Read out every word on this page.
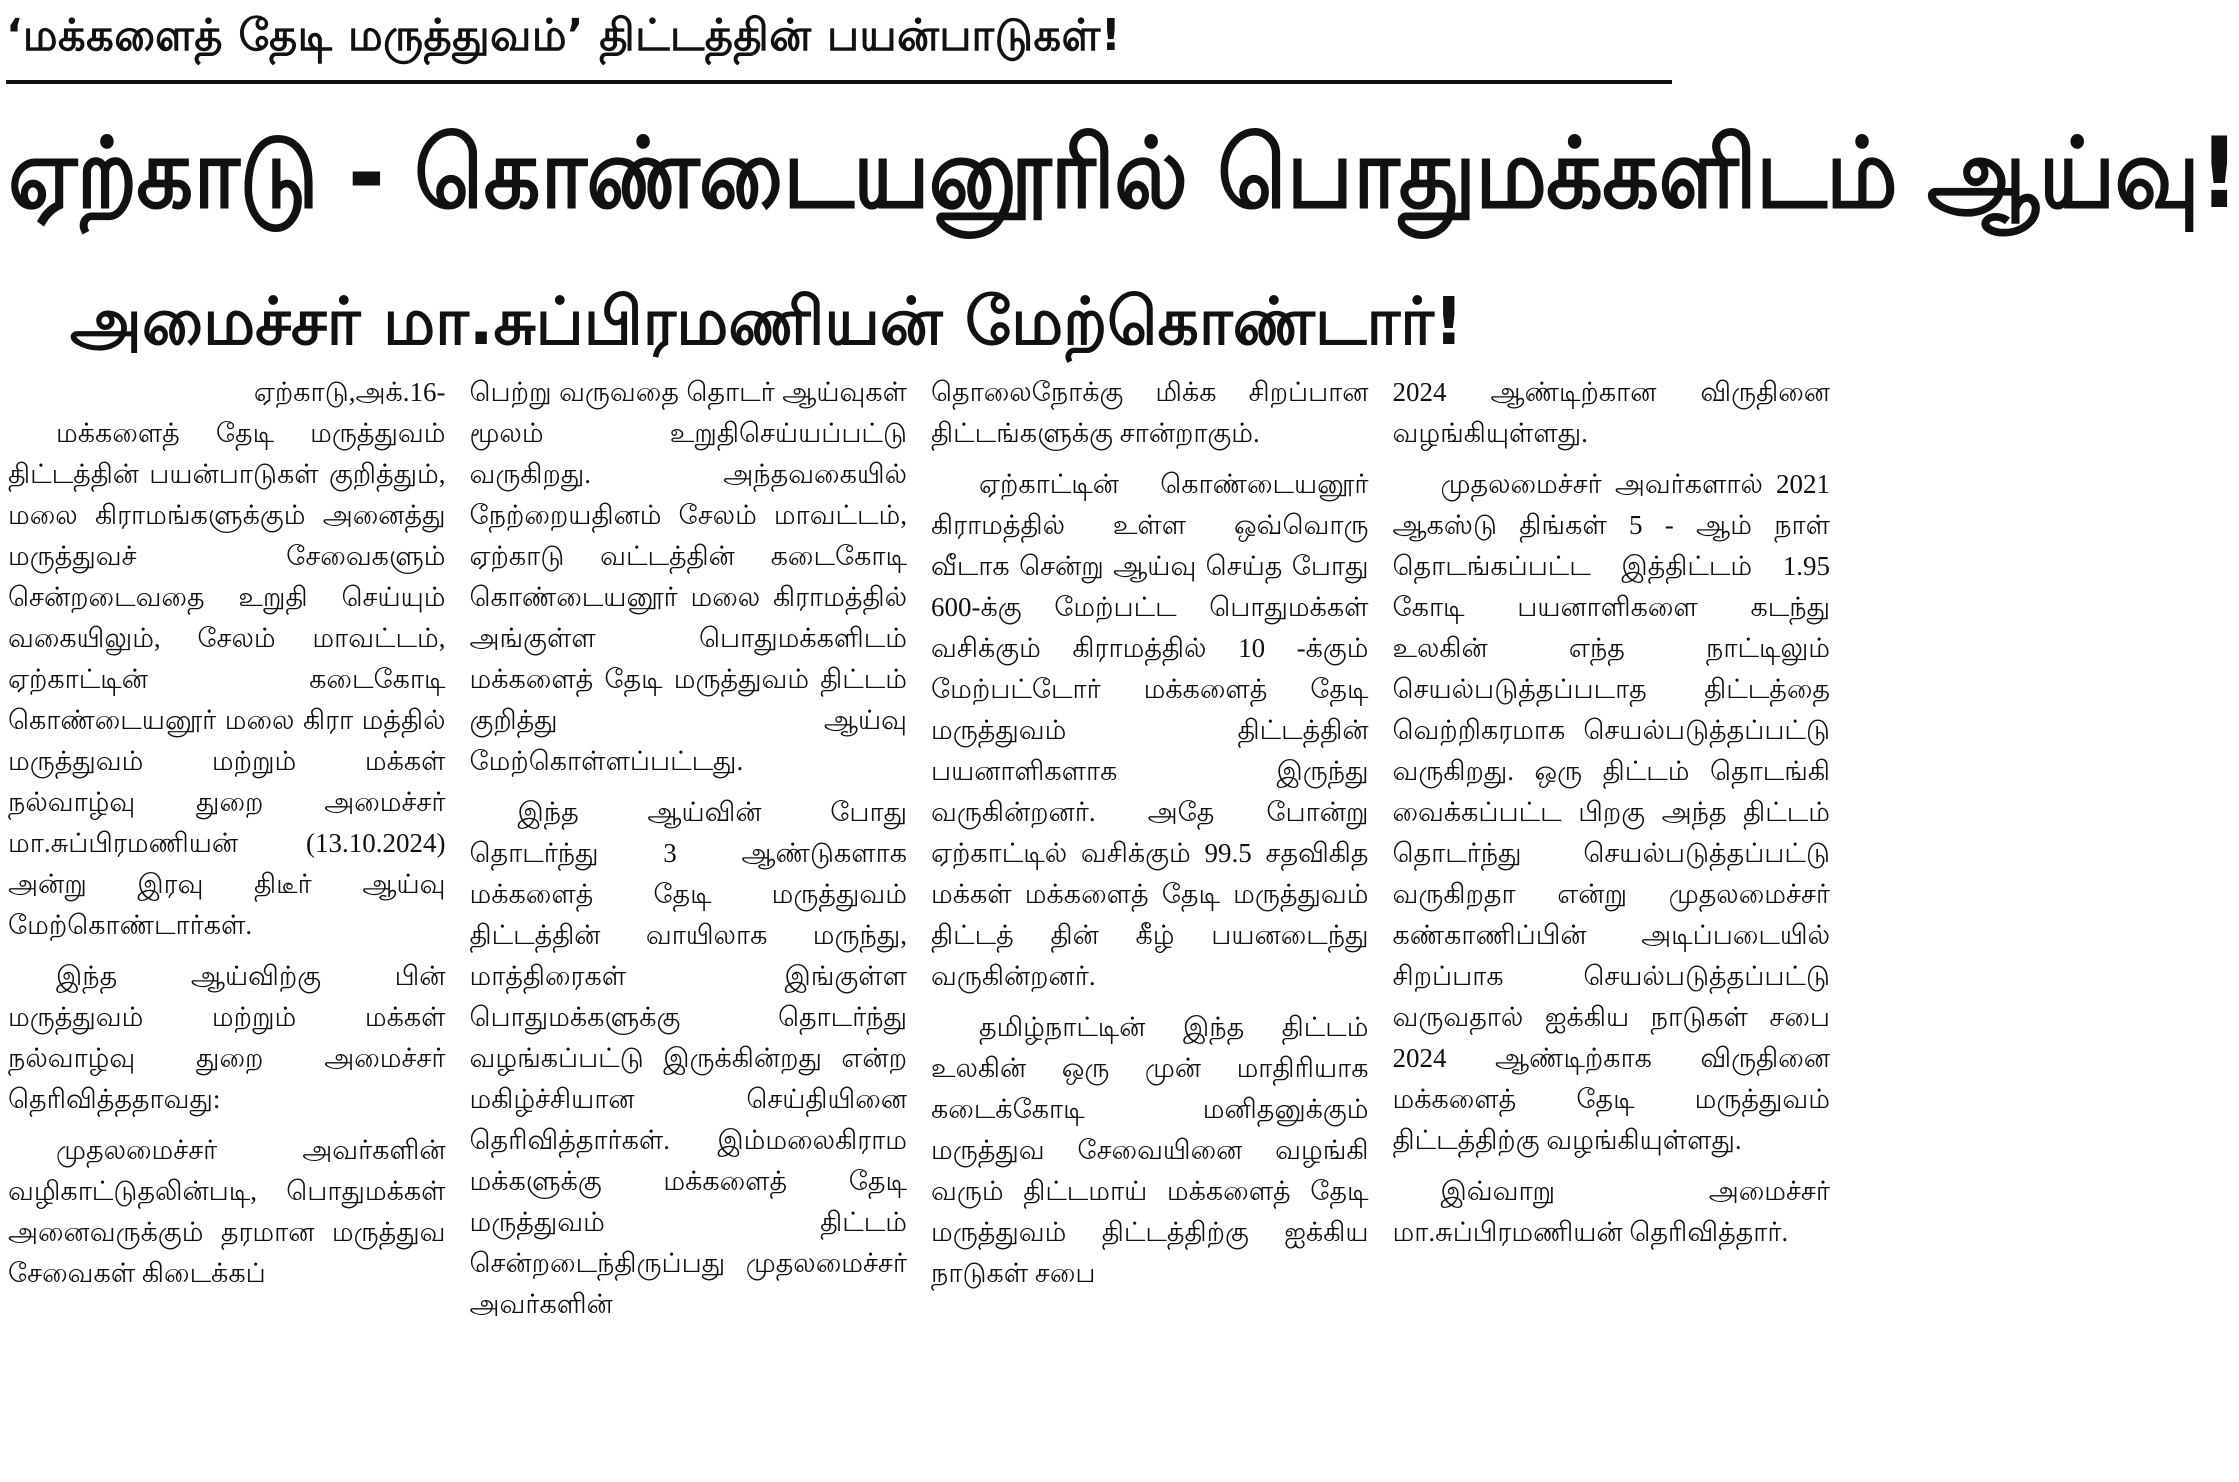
‘மக்களைத் தேடி மருத்துவம்’ திட்டத்தின் பயன்பாடுகள்!
ஏற்காடு - கொண்டையனூரில் பொதுமக்களிடம் ஆய்வு!
அமைச்சர் மா.சுப்பிரமணியன் மேற்கொண்டார்!

ஏற்காடு,அக்.16-

மக்களைத் தேடி மருத்துவம் திட்டத்தின் பயன்பாடுகள் குறித்தும், மலை கிராமங்களுக்கும் அனைத்து மருத்துவச் சேவைகளும் சென்றடைவதை உறுதி செய்யும் வகையிலும், சேலம் மாவட்டம், ஏற்காட்டின் கடைகோடி கொண்டையனூர் மலை கிரா மத்தில் மருத்துவம் மற்றும் மக்கள் நல்வாழ்வு துறை அமைச்சர் மா.சுப்பிரமணியன் (13.10.2024) அன்று இரவு திடீர் ஆய்வு மேற்கொண்டார்கள்.

இந்த ஆய்விற்கு பின் மருத்துவம் மற்றும் மக்கள் நல்வாழ்வு துறை அமைச்சர் தெரிவித்ததாவது:

முதலமைச்சர் அவர்களின் வழிகாட்டுதலின்படி, பொதுமக்கள் அனைவருக்கும் தரமான மருத்துவ சேவைகள் கிடைக்கப்

பெற்று வருவதை தொடர் ஆய்வுகள் மூலம் உறுதிசெய்யப்பட்டு வருகிறது. அந்தவகையில் நேற்றையதினம் சேலம் மாவட்டம், ஏற்காடு வட்டத்தின் கடைகோடி கொண்டையனூர் மலை கிராமத்தில் அங்குள்ள பொதுமக்களிடம் மக்களைத் தேடி மருத்துவம் திட்டம் குறித்து ஆய்வு மேற்கொள்ளப்பட்டது.

இந்த ஆய்வின் போது தொடர்ந்து 3 ஆண்டுகளாக மக்களைத் தேடி மருத்துவம் திட்டத்தின் வாயிலாக மருந்து, மாத்திரைகள் இங்குள்ள பொதுமக்களுக்கு தொடர்ந்து வழங்கப்பட்டு இருக்கின்றது என்ற மகிழ்ச்சியான செய்தியினை தெரிவித்தார்கள். இம்மலைகிராம மக்களுக்கு மக்களைத் தேடி மருத்துவம் திட்டம் சென்றடைந்திருப்பது முதலமைச்சர் அவர்களின்

தொலைநோக்கு மிக்க சிறப்பான திட்டங்களுக்கு சான்றாகும்.

ஏற்காட்டின் கொண்டையனூர் கிராமத்தில் உள்ள ஒவ்வொரு வீடாக சென்று ஆய்வு செய்த போது 600-க்கு மேற்பட்ட பொதுமக்கள் வசிக்கும் கிராமத்தில் 10 -க்கும் மேற்பட்டோர் மக்களைத் தேடி மருத்துவம் திட்டத்தின் பயனாளிகளாக இருந்து வருகின்றனர். அதே போன்று ஏற்காட்டில் வசிக்கும் 99.5 சதவிகித மக்கள் மக்களைத் தேடி மருத்துவம் திட்டத் தின் கீழ் பயனடைந்து வருகின்றனர்.

தமிழ்நாட்டின் இந்த திட்டம் உலகின் ஒரு முன் மாதிரியாக கடைக்கோடி மனிதனுக்கும் மருத்துவ சேவையினை வழங்கி வரும் திட்டமாய் மக்களைத் தேடி மருத்துவம் திட்டத்திற்கு ஐக்கிய நாடுகள் சபை

2024 ஆண்டிற்கான விருதினை வழங்கியுள்ளது.

முதலமைச்சர் அவர்களால் 2021 ஆகஸ்டு திங்கள் 5 - ஆம் நாள் தொடங்கப்பட்ட இத்திட்டம் 1.95 கோடி பயனாளிகளை கடந்து உலகின் எந்த நாட்டிலும் செயல்படுத்தப்படாத திட்டத்தை வெற்றிகரமாக செயல்படுத்தப்பட்டு வருகிறது. ஒரு திட்டம் தொடங்கி வைக்கப்பட்ட பிறகு அந்த திட்டம் தொடர்ந்து செயல்படுத்தப்பட்டு வருகிறதா என்று முதலமைச்சர் கண்காணிப்பின் அடிப்படையில் சிறப்பாக செயல்படுத்தப்பட்டு வருவதால் ஐக்கிய நாடுகள் சபை 2024 ஆண்டிற்காக விருதினை மக்களைத் தேடி மருத்துவம் திட்டத்திற்கு வழங்கியுள்ளது.

இவ்வாறு அமைச்சர் மா.சுப்பிரமணியன் தெரிவித்தார்.
